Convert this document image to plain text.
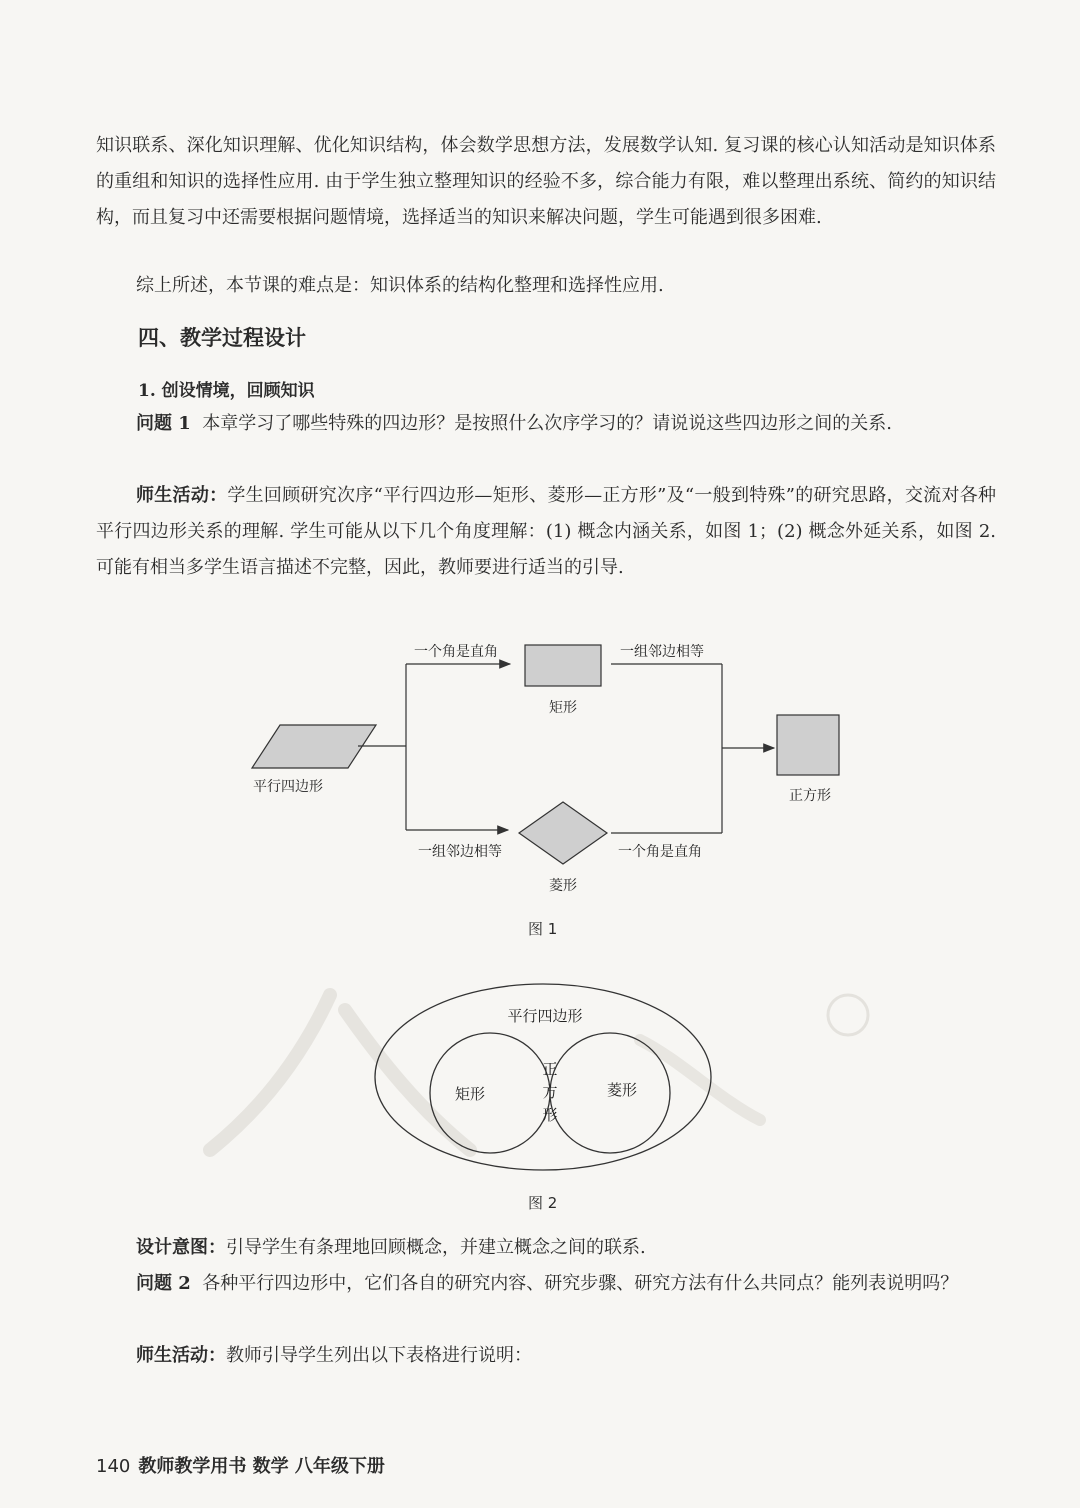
知识联系、深化知识理解、优化知识结构，体会数学思想方法，发展数学认知. 复习课的核心认知活动是知识体系的重组和知识的选择性应用. 由于学生独立整理知识的经验不多，综合能力有限，难以整理出系统、简约的知识结构，而且复习中还需要根据问题情境，选择适当的知识来解决问题，学生可能遇到很多困难.

综上所述，本节课的难点是：知识体系的结构化整理和选择性应用.

四、教学过程设计
1. 创设情境，回顾知识

问题 1 本章学习了哪些特殊的四边形？是按照什么次序学习的？请说说这些四边形之间的关系.

师生活动：学生回顾研究次序“平行四边形—矩形、菱形—正方形”及“一般到特殊”的研究思路，交流对各种平行四边形关系的理解. 学生可能从以下几个角度理解：(1) 概念内涵关系，如图 1；(2) 概念外延关系，如图 2. 可能有相当多学生语言描述不完整，因此，教师要进行适当的引导.

平行四边形
矩形
菱形
正方形
一个角是直角	一组邻边相等
一组邻边相等	一个角是直角
图 1
平行四边形
矩形	菱形
正
方
形
图 2

设计意图：引导学生有条理地回顾概念，并建立概念之间的联系.

问题 2 各种平行四边形中，它们各自的研究内容、研究步骤、研究方法有什么共同点？能列表说明吗？

师生活动：教师引导学生列出以下表格进行说明：

140 教师教学用书 数学 八年级下册
